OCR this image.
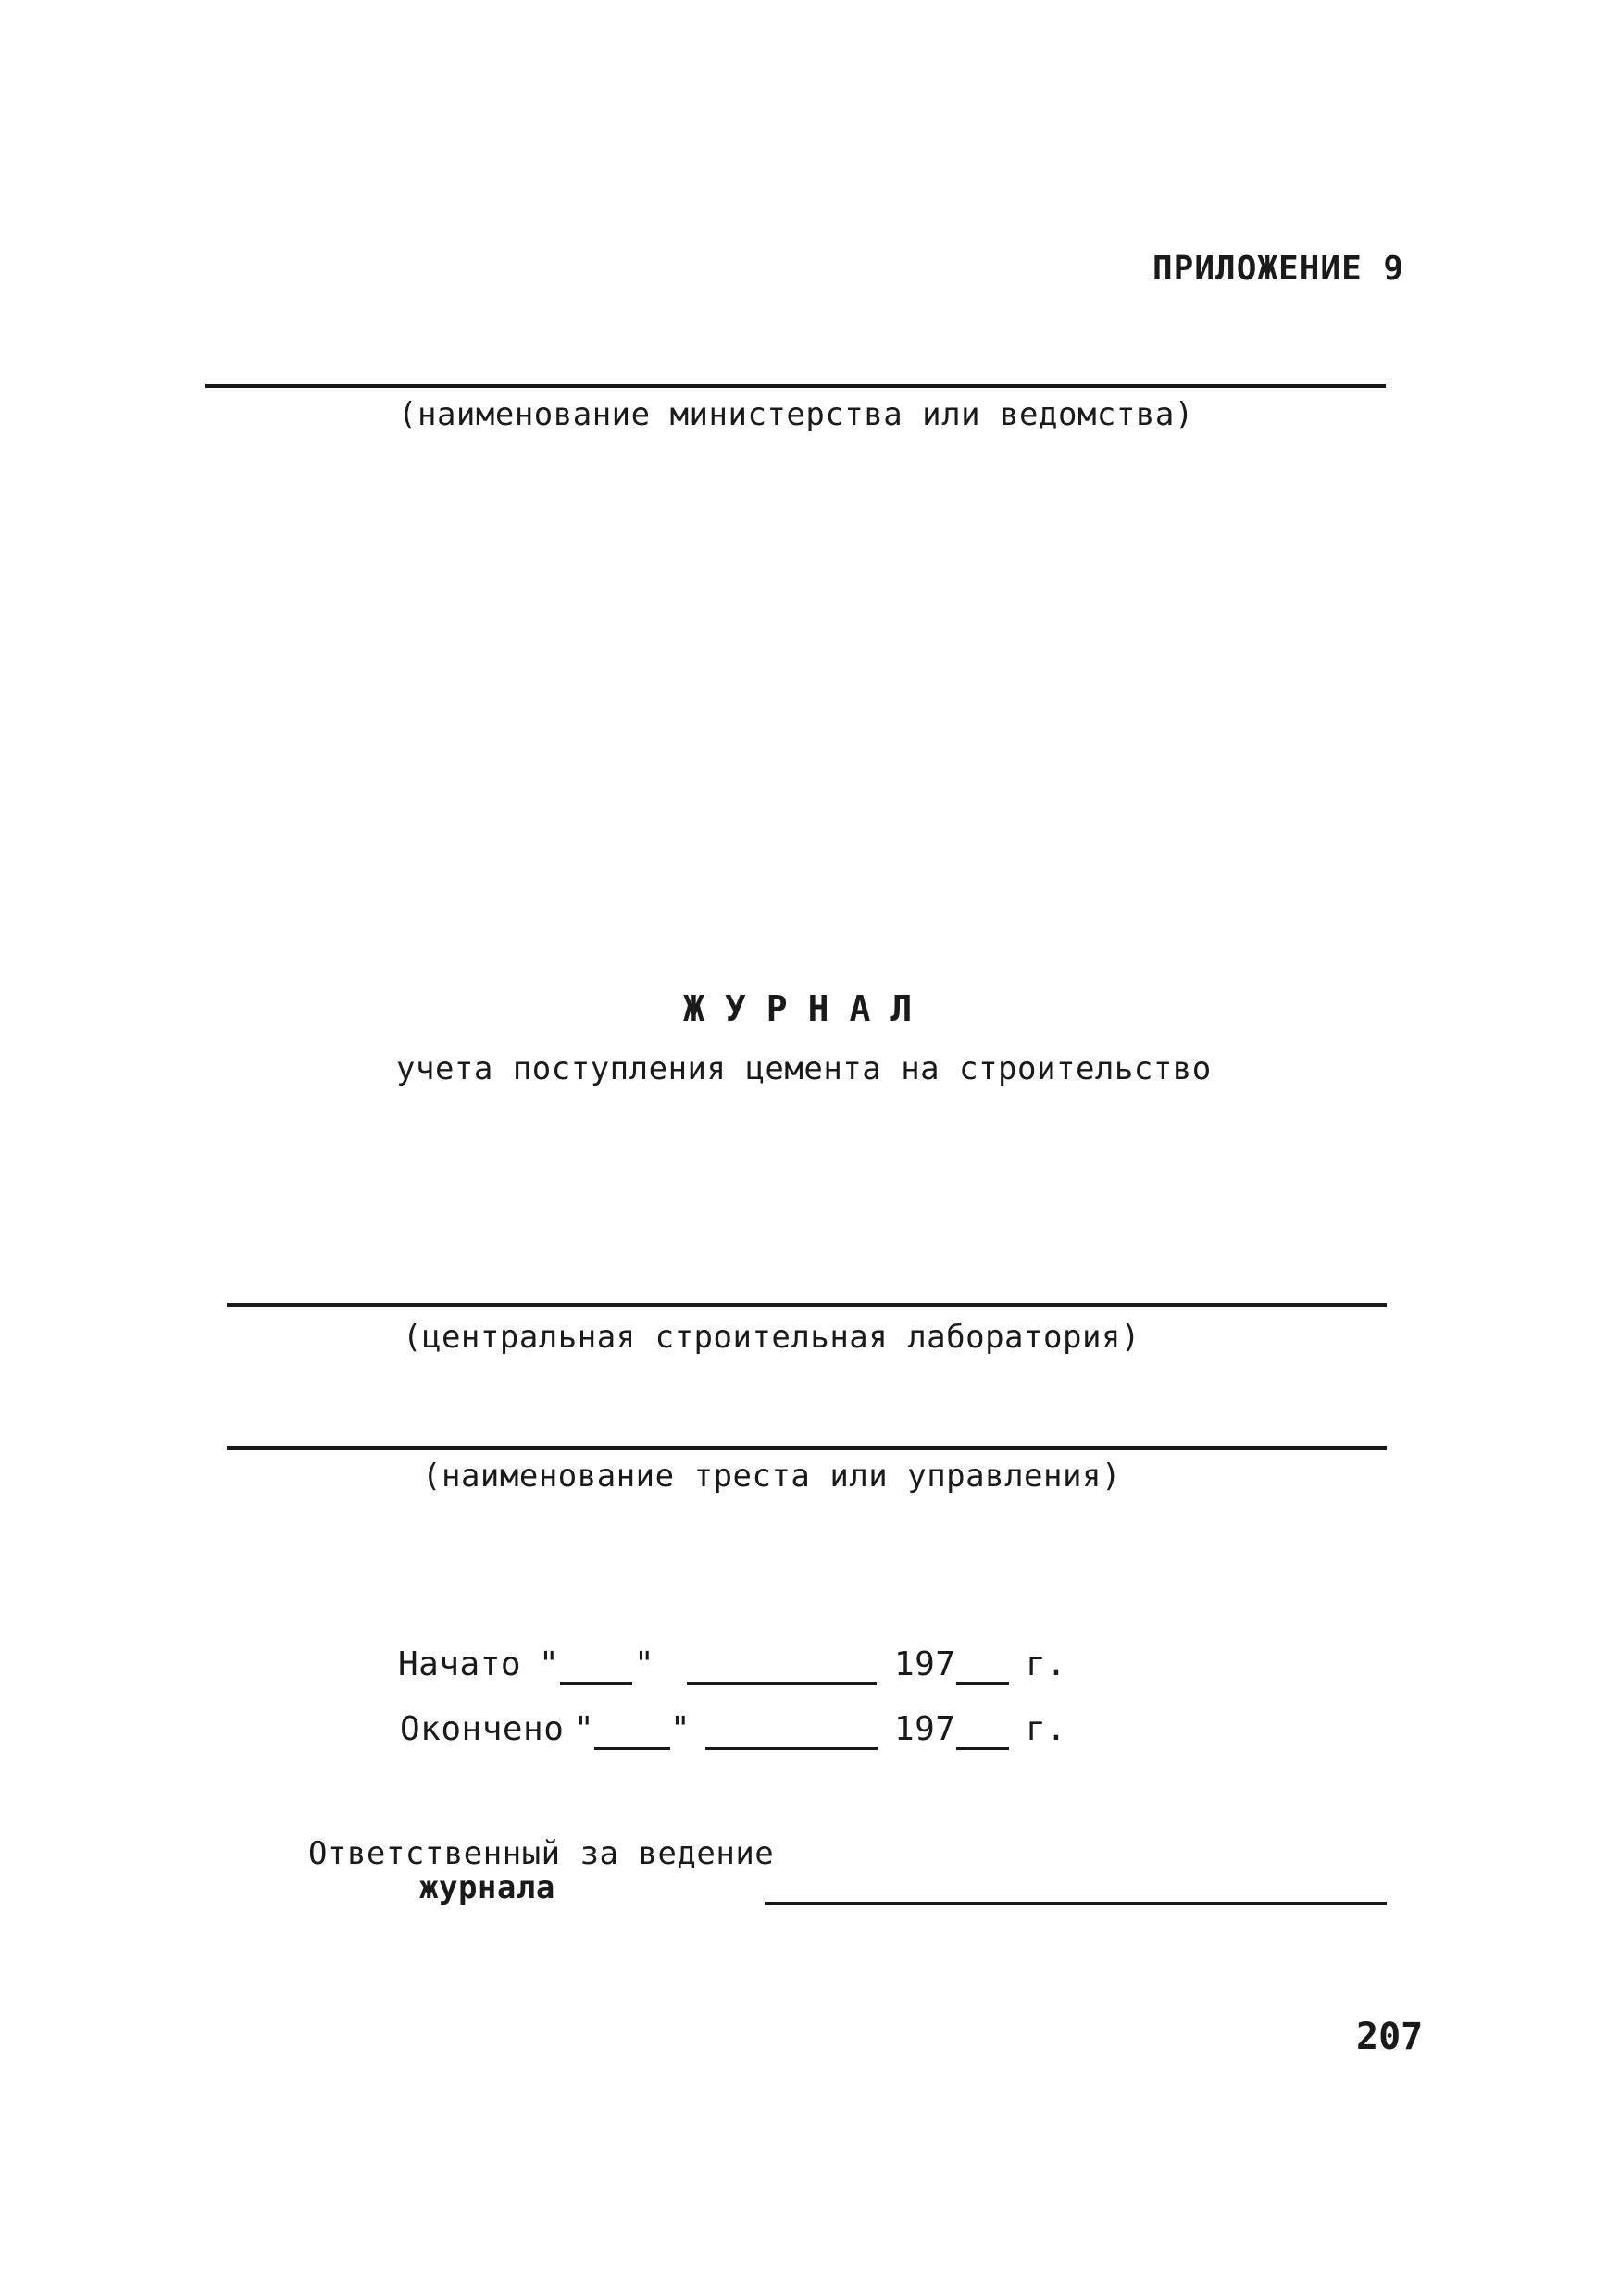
ПРИЛОЖЕНИЕ 9
(наименование министерства или ведомства)
ЖУРНАЛ
учета поступления цемента на строительство
(центральная строительная лаборатория)
(наименование треста или управления)
Начато " "	197 г.
Окончено " "	197 г.
Ответственный за ведение
журнала
207
